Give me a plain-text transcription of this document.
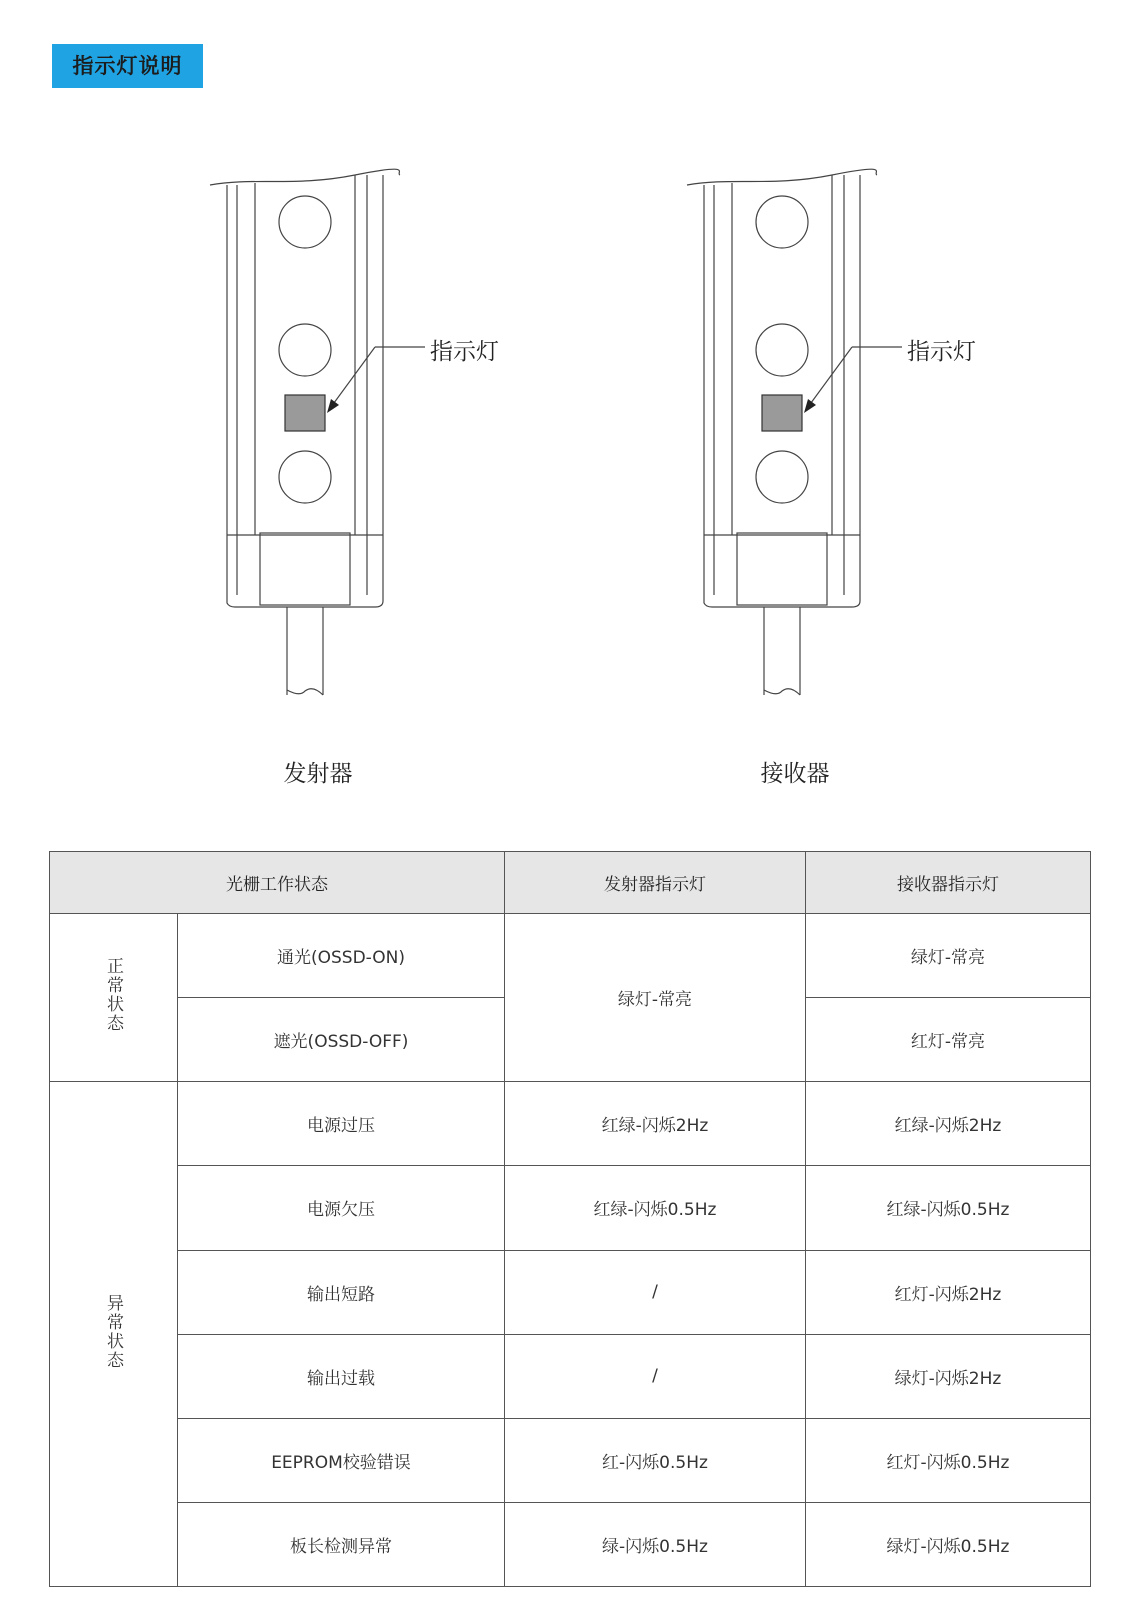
指示灯说明
指示灯
发射器
指示灯
接收器
光栅工作状态		发射器指示灯	接收器指示灯
正常状态	通光(OSSD-ON)	绿灯-常亮	绿灯-常亮
	遮光(OSSD-OFF)		红灯-常亮
异常状态	电源过压	红绿-闪烁2Hz	红绿-闪烁2Hz
	电源欠压	红绿-闪烁0.5Hz	红绿-闪烁0.5Hz
	输出短路	/	红灯-闪烁2Hz
	输出过载	/	绿灯-闪烁2Hz
	EEPROM校验错误	红-闪烁0.5Hz	红灯-闪烁0.5Hz
	板长检测异常	绿-闪烁0.5Hz	绿灯-闪烁0.5Hz
